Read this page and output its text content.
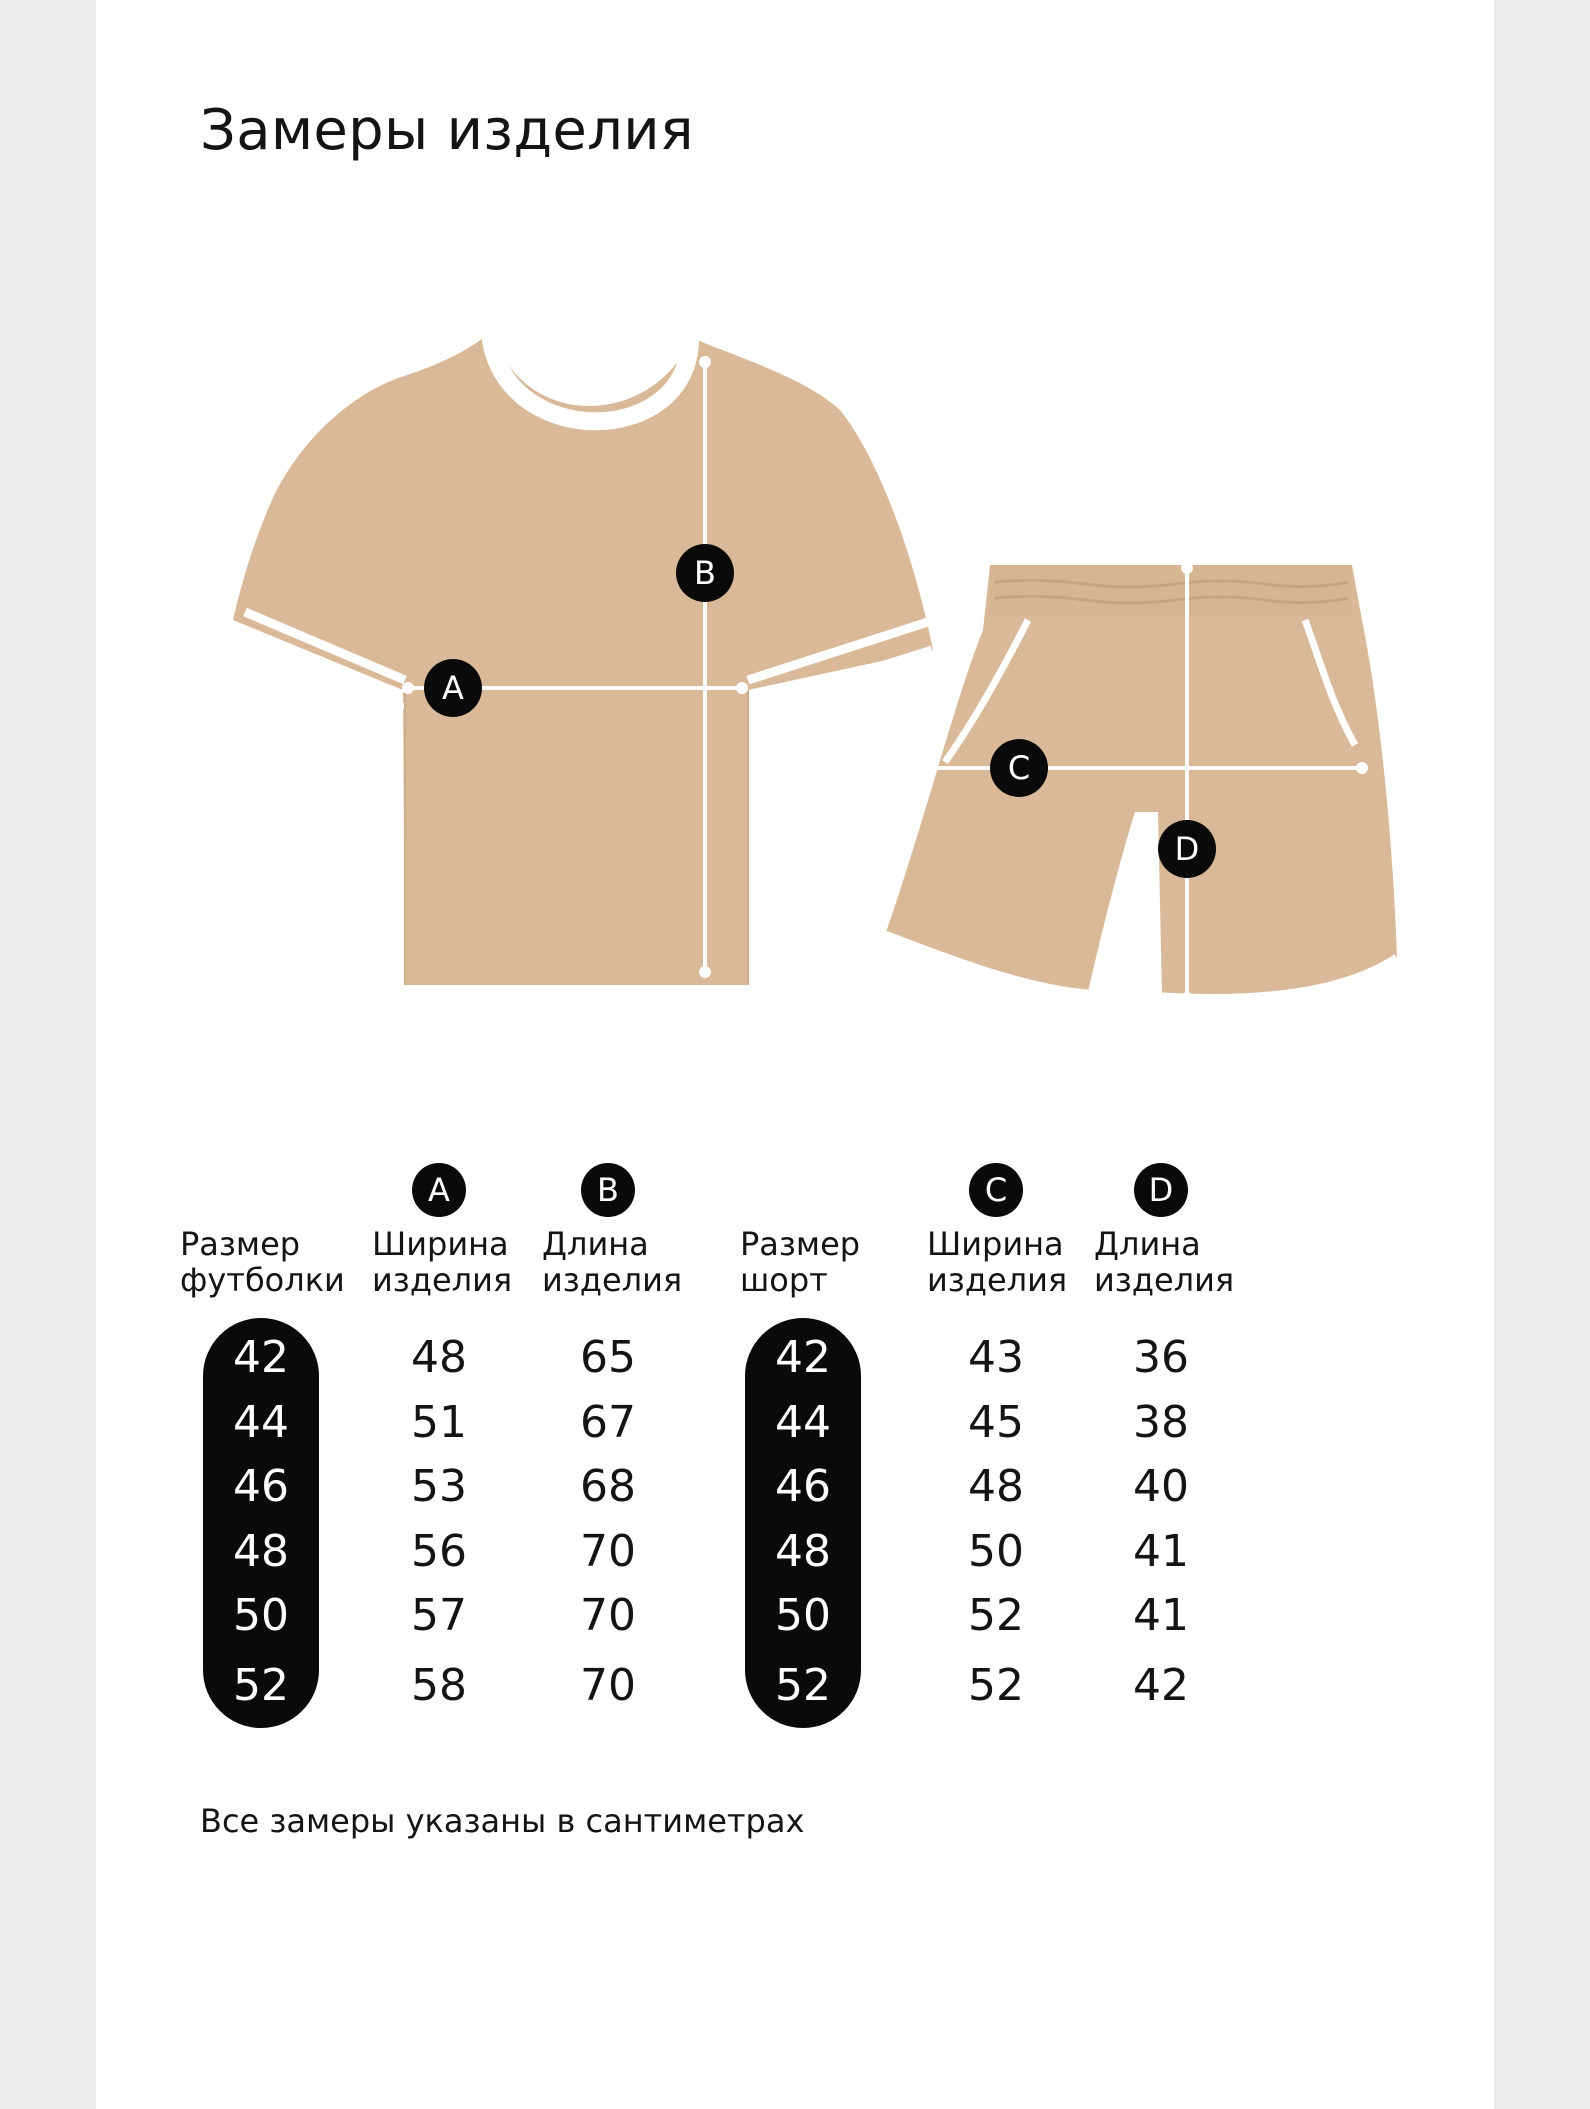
Замеры изделия
A
B
C
D
Размер
футболки
A
Ширина
изделия
B
Длина
изделия
42
44
46
48
50
52
48
51
53
56
57
58
65
67
68
70
70
70
Размер
шорт
C
Ширина
изделия
D
Длина
изделия
42
44
46
48
50
52
43
45
48
50
52
52
36
38
40
41
41
42
Все замеры указаны в сантиметрах
